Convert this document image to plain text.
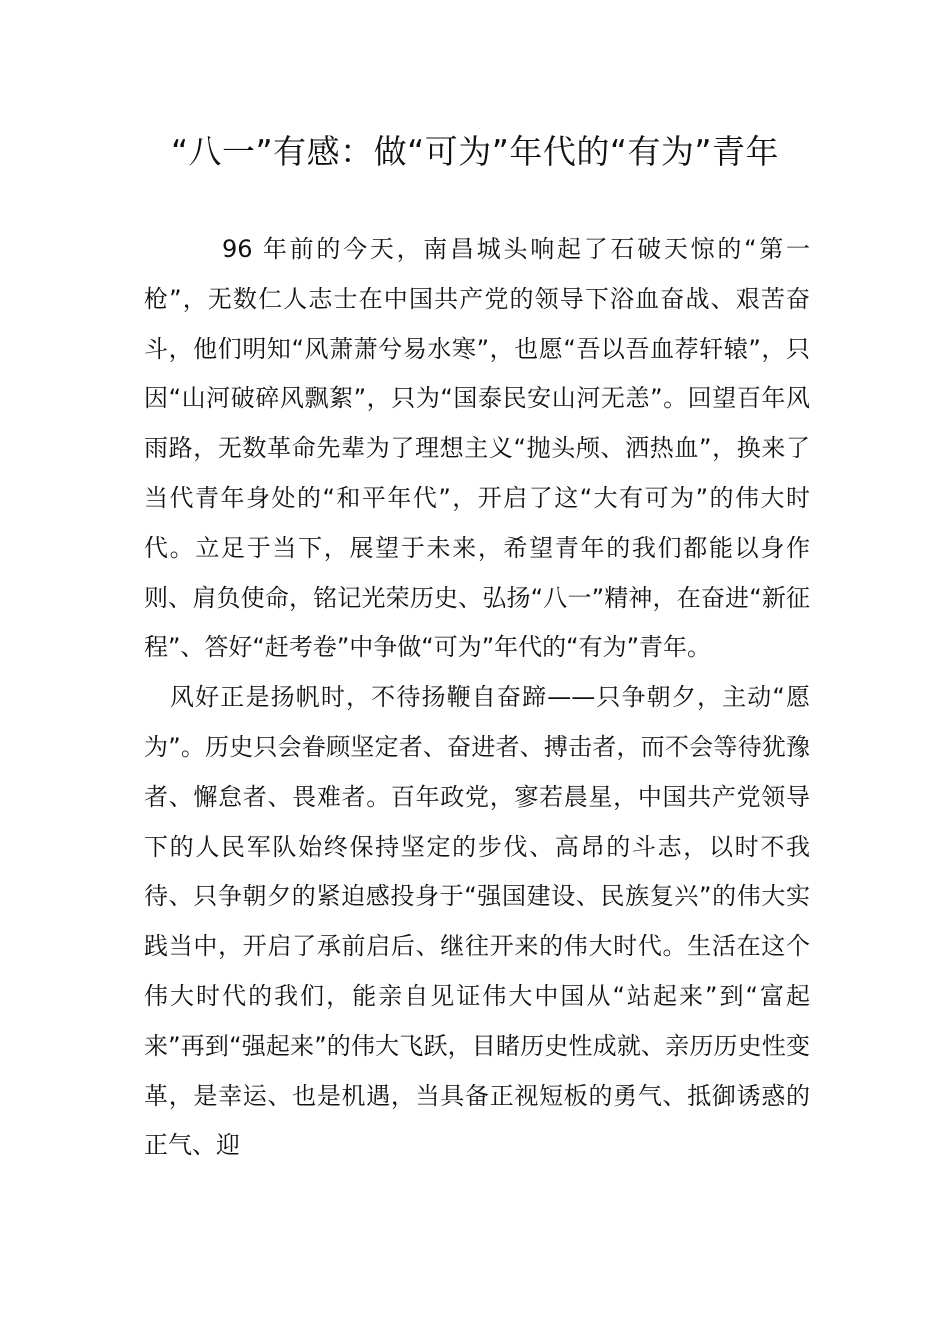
“八一”有感：做“可为”年代的“有为”青年

96 年前的今天，南昌城头响起了石破天惊的“第一枪”，无数仁人志士在中国共产党的领导下浴血奋战、艰苦奋斗，他们明知“风萧萧兮易水寒”，也愿“吾以吾血荐轩辕”，只因“山河破碎风飘絮”，只为“国泰民安山河无恙”。回望百年风雨路，无数革命先辈为了理想主义“抛头颅、洒热血”，换来了当代青年身处的“和平年代”，开启了这“大有可为”的伟大时代。立足于当下，展望于未来，希望青年的我们都能以身作则、肩负使命，铭记光荣历史、弘扬“八一”精神，在奋进“新征程”、答好“赶考卷”中争做“可为”年代的“有为”青年。

风好正是扬帆时，不待扬鞭自奋蹄——只争朝夕，主动“愿为”。历史只会眷顾坚定者、奋进者、搏击者，而不会等待犹豫者、懈怠者、畏难者。百年政党，寥若晨星，中国共产党领导下的人民军队始终保持坚定的步伐、高昂的斗志，以时不我待、只争朝夕的紧迫感投身于“强国建设、民族复兴”的伟大实践当中，开启了承前启后、继往开来的伟大时代。生活在这个伟大时代的我们，能亲自见证伟大中国从“站起来”到“富起来”再到“强起来”的伟大飞跃，目睹历史性成就、亲历历史性变革，是幸运、也是机遇，当具备正视短板的勇气、抵御诱惑的正气、迎
